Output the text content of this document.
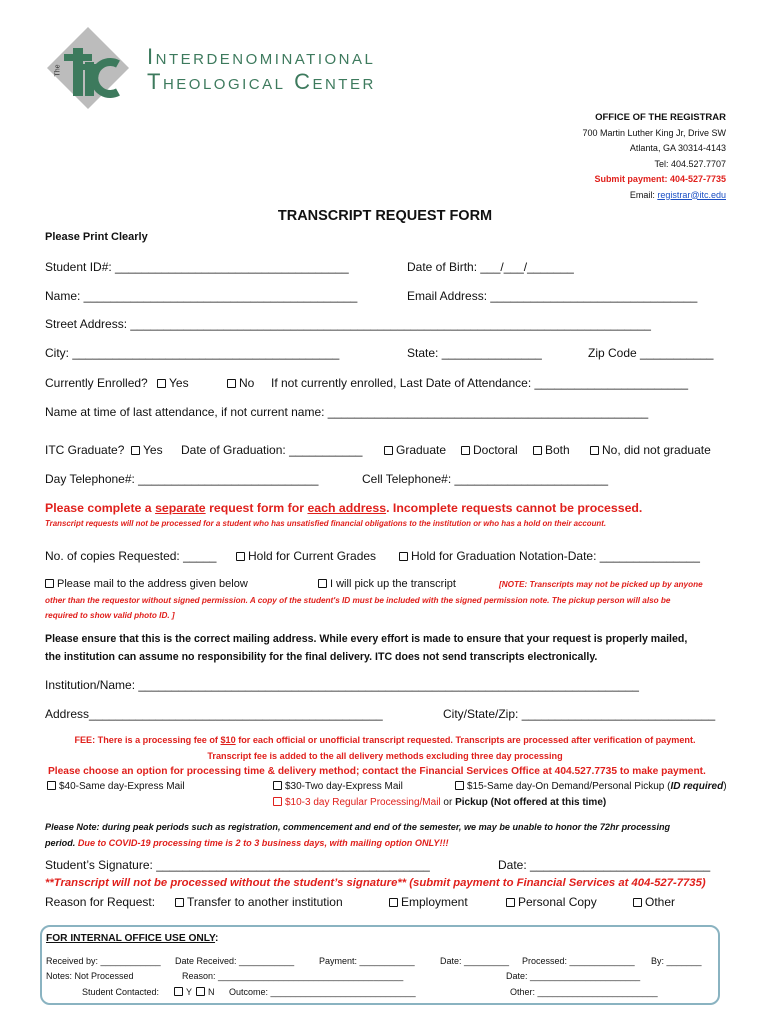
The
Interdenominational
Theological Center
OFFICE OF THE REGISTRAR
700 Martin Luther King Jr, Drive SW
Atlanta, GA 30314-4143
Tel: 404.527.7707
Submit payment: 404-527-7735
Email: registrar@itc.edu
TRANSCRIPT REQUEST FORM
Please Print Clearly
Student ID#: ___________________________________	Date of Birth: ___/___/_______
Name: _________________________________________	Email Address: _______________________________
Street Address: ______________________________________________________________________________
City: ________________________________________	State: _______________	Zip Code ___________
Currently Enrolled?	Yes	No If not currently enrolled, Last Date of Attendance: _______________________
Name at time of last attendance, if not current name: ________________________________________________
ITC Graduate?	Yes Date of Graduation: ___________	Graduate	Doctoral	Both	No, did not graduate
Day Telephone#: ___________________________	Cell Telephone#: _______________________
Please complete a separate request form for each address. Incomplete requests cannot be processed.
Transcript requests will not be processed for a student who has unsatisfied financial obligations to the institution or who has a hold on their account.
No. of copies Requested: _____	Hold for Current Grades	Hold for Graduation Notation-Date: _______________
Please mail to the address given below	I will pick up the transcript	[NOTE: Transcripts may not be picked up by anyone
other than the requestor without signed permission. A copy of the student's ID must be included with the signed permission note. The pickup person will also be
required to show valid photo ID. ]
Please ensure that this is the correct mailing address. While every effort is made to ensure that your request is properly mailed,
the institution can assume no responsibility for the final delivery. ITC does not send transcripts electronically.
Institution/Name: ___________________________________________________________________________
Address____________________________________________	City/State/Zip: _____________________________
FEE: There is a processing fee of $10 for each official or unofficial transcript requested. Transcripts are processed after verification of payment.
Transcript fee is added to the all delivery methods excluding three day processing
Please choose an option for processing time & delivery method; contact the Financial Services Office at 404.527.7735 to make payment.
$40-Same day-Express Mail	$30-Two day-Express Mail	$15-Same day-On Demand/Personal Pickup (ID required)
$10-3 day Regular Processing/Mail or Pickup (Not offered at this time)
Please Note: during peak periods such as registration, commencement and end of the semester, we may be unable to honor the 72hr processing
period. Due to COVID-19 processing time is 2 to 3 business days, with mailing option ONLY!!!
Student’s Signature: _________________________________________	Date: ___________________________
**Transcript will not be processed without the student’s signature** (submit payment to Financial Services at 404-527-7735)
Reason for Request:	Transfer to another institution	Employment	Personal Copy	Other
FOR INTERNAL OFFICE USE ONLY:
Received by: ____________ Date Received: ___________	Payment: ___________	Date: _________ Processed: _____________ By: _______
Notes: Not Processed	Reason: _____________________________________	Date: ______________________
Student Contacted:	Y	N Outcome: _____________________________	Other: ________________________
